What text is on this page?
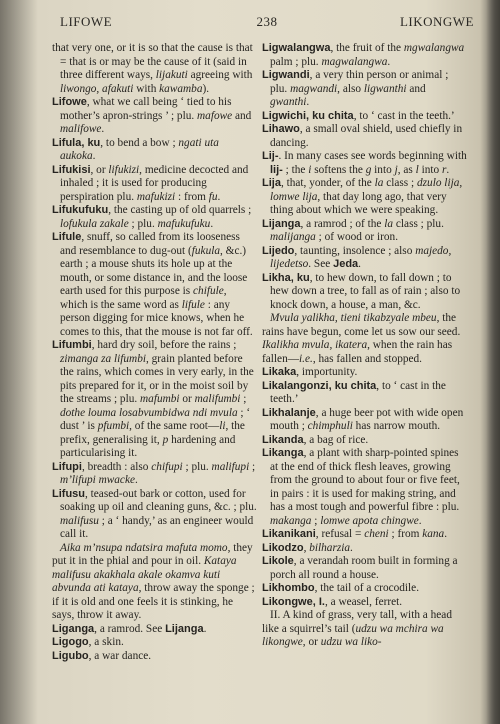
LIFOWE	238	LIKONGWE
that very one, or it is so that the cause is that = that is or may be the cause of it (said in three different ways, lijakuti agreeing with liwongo, afakuti with kawamba).
Lifowe, what we call being ‘ tied to his mother’s apron-strings ’ ; plu. mafowe and malifowe.
Lifula, ku, to bend a bow ; ngati uta aukoka.
Lifukisi, or lifukizi, medicine decocted and inhaled ; it is used for producing perspiration plu. mafukizi : from fu.
Lifukufuku, the casting up of old quarrels ; lofukula zakale ; plu. mafukufuku.
Lifule, snuff, so called from its looseness and resemblance to dug-out (fukula, &c.) earth ; a mouse shuts its hole up at the mouth, or some distance in, and the loose earth used for this purpose is chifule, which is the same word as lifule : any person digging for mice knows, when he comes to this, that the mouse is not far off.
Lifumbi, hard dry soil, before the rains ; zimanga za lifumbi, grain planted before the rains, which comes in very early, in the pits prepared for it, or in the moist soil by the streams ; plu. mafumbi or malifumbi ; dothe louma losabvumbidwa ndi mvula ; ‘ dust ’ is pfumbi, of the same root—li, the prefix, generalising it, p hardening and particularising it.
Lifupi, breadth : also chifupi ; plu. malifupi ; m’lifupi mwacke.
Lifusu, teased-out bark or cotton, used for soaking up oil and cleaning guns, &c. ; plu. malifusu ; a ‘ handy,’ as an engineer would call it.
Aika m’nsupa ndatsira mafuta momo, they put it in the phial and pour in oil. Kataya malifusu akakhala akale okamva kuti abvunda ati kataya, throw away the sponge ; if it is old and one feels it is stinking, he says, throw it away.
Liganga, a ramrod. See Lijanga.
Ligogo, a skin.
Ligubo, a war dance.
Ligwalangwa, the fruit of the mgwalangwa palm ; plu. magwalangwa.
Ligwandi, a very thin person or animal ; plu. magwandi, also ligwanthi and gwanthi.
Ligwichi, ku chita, to ‘ cast in the teeth.’
Lihawo, a small oval shield, used chiefly in dancing.
Lij-. In many cases see words beginning with lij- ; the i softens the g into j, as l into r.
Lija, that, yonder, of the la class ; dzulo lija, lomwe lija, that day long ago, that very thing about which we were speaking.
Lijanga, a ramrod ; of the la class ; plu. malijanga ; of wood or iron.
Lijedo, taunting, insolence ; also majedo, lijedetso. See Jeda.
Likha, ku, to hew down, to fall down ; to hew down a tree, to fall as of rain ; also to knock down, a house, a man, &c.
Mvula yalikha, tieni tikabzyale mbeu, the rains have begun, come let us sow our seed. Ikalikha mvula, ikatera, when the rain has fallen—i.e., has fallen and stopped.
Likaka, importunity.
Likalangonzi, ku chita, to ‘ cast in the teeth.’
Likhalanje, a huge beer pot with wide open mouth ; chimphuli has narrow mouth.
Likanda, a bag of rice.
Likanga, a plant with sharp-pointed spines at the end of thick flesh leaves, growing from the ground to about four or five feet, in pairs : it is used for making string, and has a most tough and powerful fibre : plu. makanga ; lomwe apota chingwe.
Likanikani, refusal = cheni ; from kana.
Likodzo, bilharzia.
Likole, a verandah room built in forming a porch all round a house.
Likhombo, the tail of a crocodile.
Likongwe, I., a weasel, ferret.
II. A kind of grass, very tall, with a head like a squirrel’s tail (udzu wa mchira wa likongwe, or udzu wa liko-
